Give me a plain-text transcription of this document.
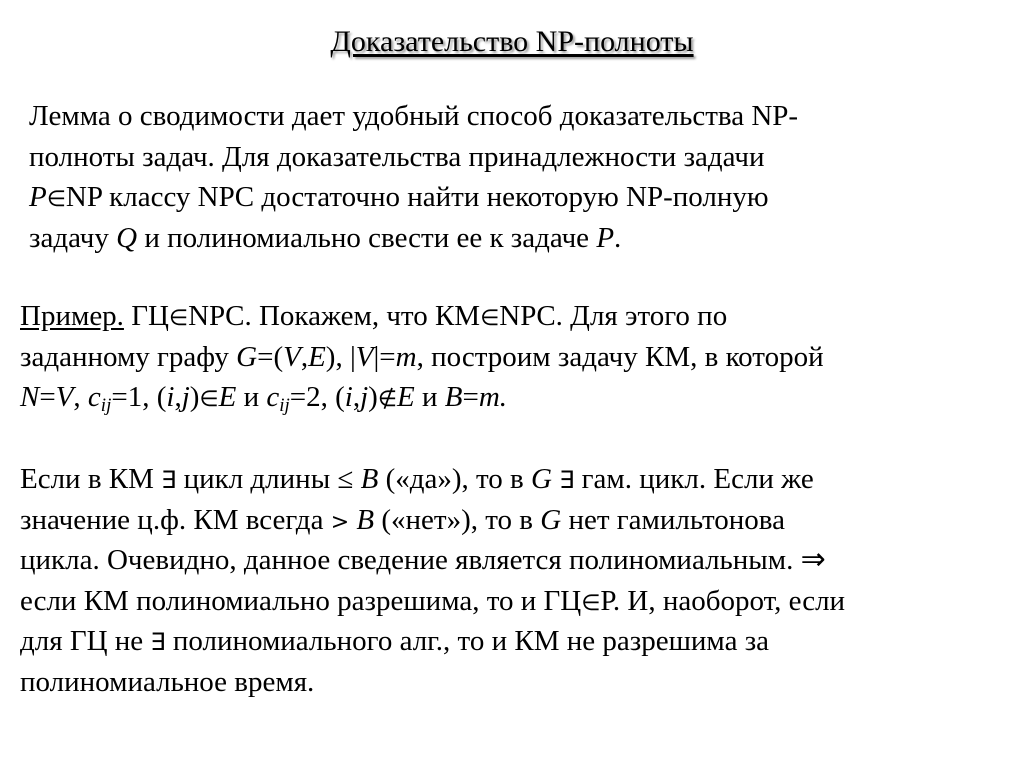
Доказательство NP-полноты
Лемма о сводимости дает удобный способ доказательства NP-
полноты задач. Для доказательства принадлежности задачи
P∈NP классу NPC достаточно найти некоторую NP-полную
задачу Q и полиномиально свести ее к задаче P.
Пример. ГЦ∈NPC. Покажем, что КМ∈NPC. Для этого по
заданному графу G=(V,E), |V|=m, построим задачу КМ, в которой
N=V, $c_{ij}=1$, (i,j)∈E и $c_{ij}=2$, (i,j)∉E и B=m.
Если в КМ ∃ цикл длины ≤ B («да»), то в G ∃ гам. цикл. Если же
значение ц.ф. КМ всегда > B («нет»), то в G нет гамильтонова
цикла. Очевидно, данное сведение является полиномиальным. ⇒
если КМ полиномиально разрешима, то и ГЦ∈Р. И, наоборот, если
для ГЦ не ∃ полиномиального алг., то и КМ не разрешима за
полиномиальное время.
